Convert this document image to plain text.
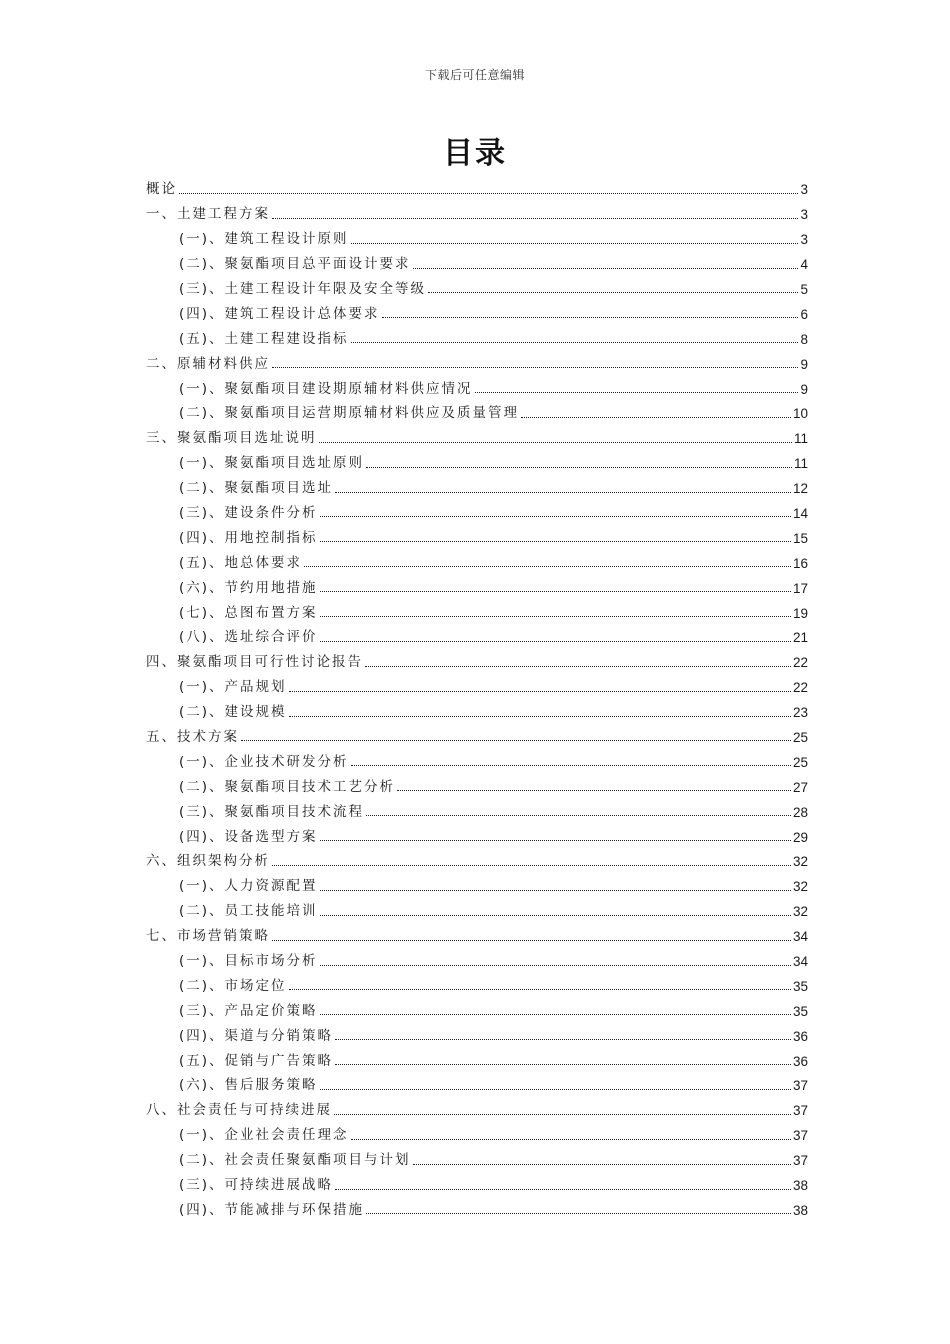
下载后可任意编辑
目录
概论	3
一、土建工程方案	3
(一)、建筑工程设计原则	3
(二)、聚氨酯项目总平面设计要求	4
(三)、土建工程设计年限及安全等级	5
(四)、建筑工程设计总体要求	6
(五)、土建工程建设指标	8
二、原辅材料供应	9
(一)、聚氨酯项目建设期原辅材料供应情况	9
(二)、聚氨酯项目运营期原辅材料供应及质量管理	10
三、聚氨酯项目选址说明	11
(一)、聚氨酯项目选址原则	11
(二)、聚氨酯项目选址	12
(三)、建设条件分析	14
(四)、用地控制指标	15
(五)、地总体要求	16
(六)、节约用地措施	17
(七)、总图布置方案	19
(八)、选址综合评价	21
四、聚氨酯项目可行性讨论报告	22
(一)、产品规划	22
(二)、建设规模	23
五、技术方案	25
(一)、企业技术研发分析	25
(二)、聚氨酯项目技术工艺分析	27
(三)、聚氨酯项目技术流程	28
(四)、设备选型方案	29
六、组织架构分析	32
(一)、人力资源配置	32
(二)、员工技能培训	32
七、市场营销策略	34
(一)、目标市场分析	34
(二)、市场定位	35
(三)、产品定价策略	35
(四)、渠道与分销策略	36
(五)、促销与广告策略	36
(六)、售后服务策略	37
八、社会责任与可持续进展	37
(一)、企业社会责任理念	37
(二)、社会责任聚氨酯项目与计划	37
(三)、可持续进展战略	38
(四)、节能减排与环保措施	38
